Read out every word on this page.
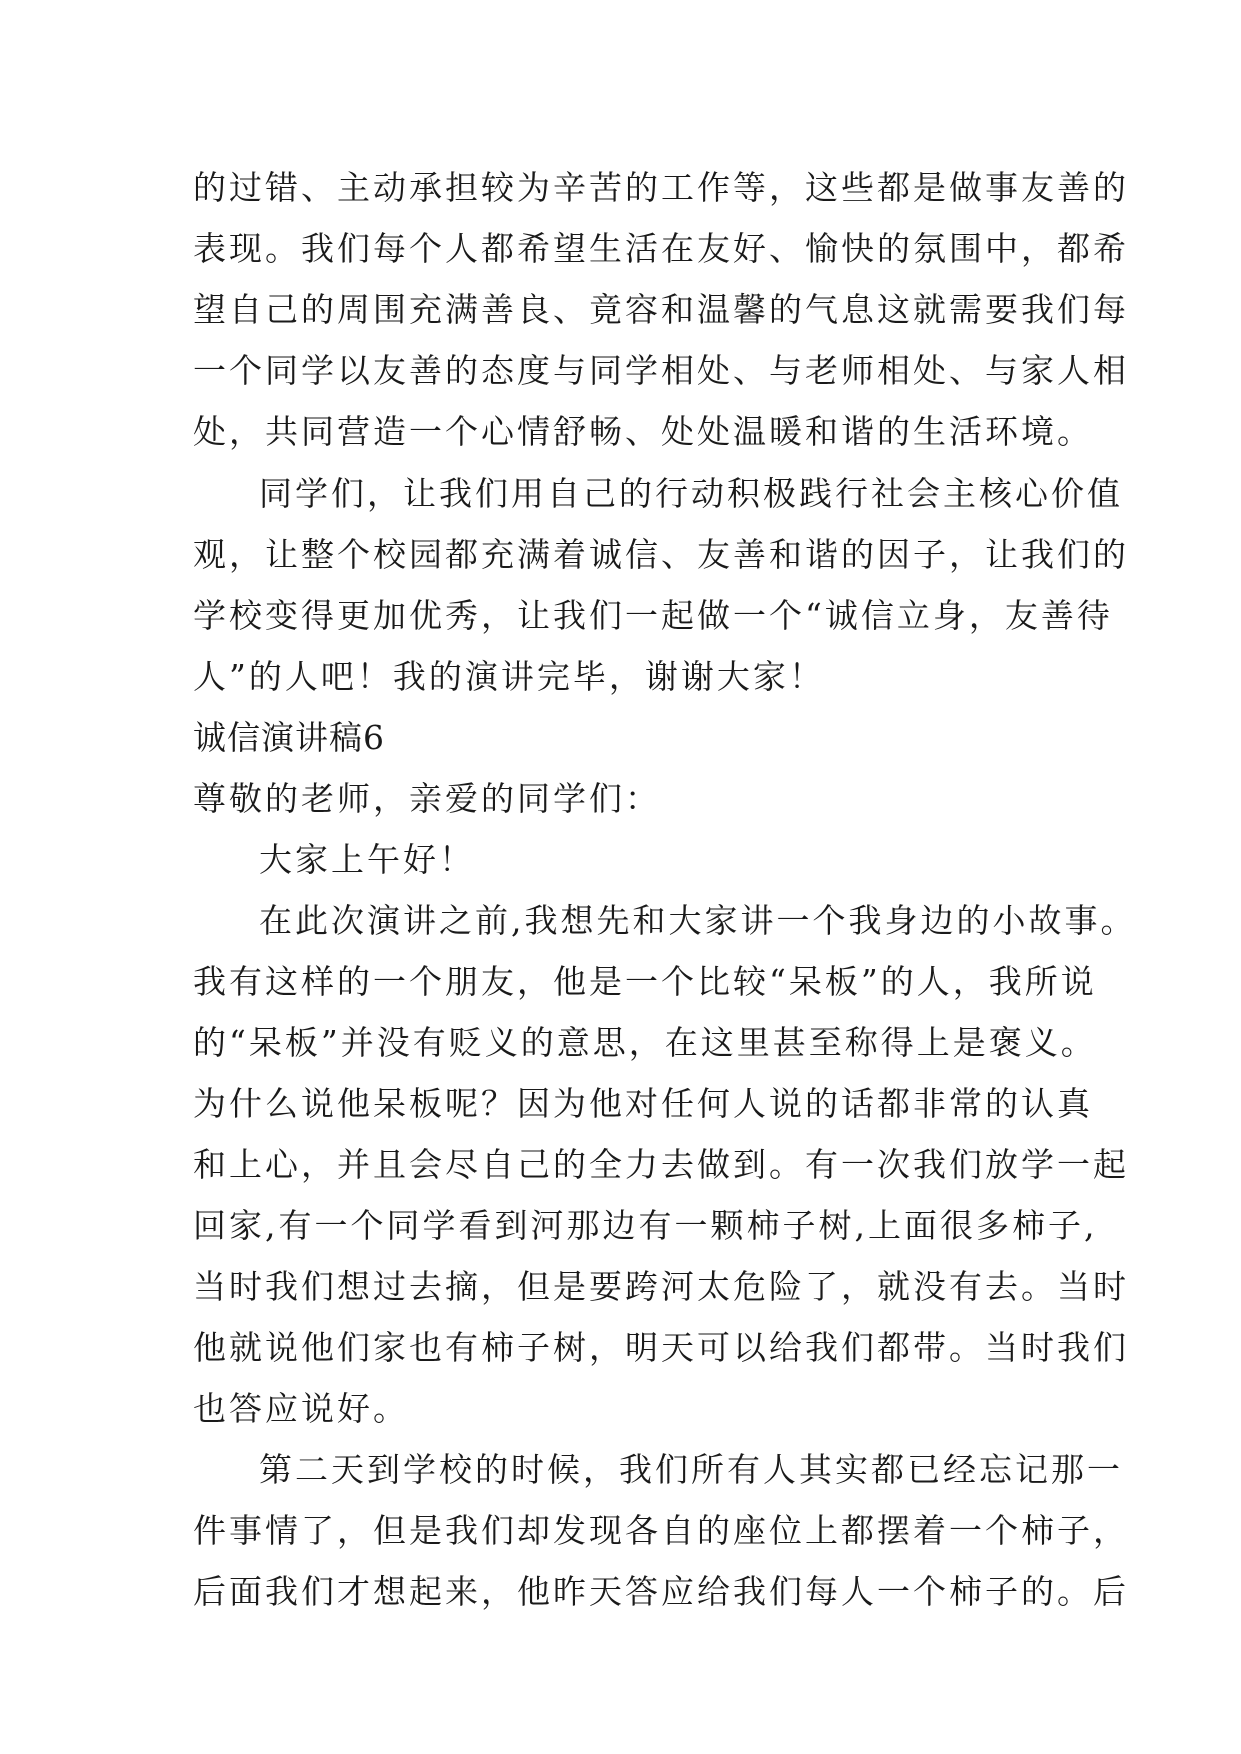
的过错、主动承担较为辛苦的工作等，这些都是做事友善的
表现。我们每个人都希望生活在友好、愉快的氛围中，都希
望自己的周围充满善良、竟容和温馨的气息这就需要我们每
一个同学以友善的态度与同学相处、与老师相处、与家人相
处，共同营造一个心情舒畅、处处温暖和谐的生活环境。
同学们，让我们用自己的行动积极践行社会主核心价值
观，让整个校园都充满着诚信、友善和谐的因子，让我们的
学校变得更加优秀，让我们一起做一个“诚信立身，友善待
人”的人吧！我的演讲完毕，谢谢大家！
诚信演讲稿6
尊敬的老师，亲爱的同学们：
大家上午好！
在此次演讲之前,我想先和大家讲一个我身边的小故事。
我有这样的一个朋友，他是一个比较“呆板”的人，我所说
的“呆板”并没有贬义的意思，在这里甚至称得上是褒义。
为什么说他呆板呢？因为他对任何人说的话都非常的认真
和上心，并且会尽自己的全力去做到。有一次我们放学一起
回家,有一个同学看到河那边有一颗柿子树,上面很多柿子,
当时我们想过去摘，但是要跨河太危险了，就没有去。当时
他就说他们家也有柿子树，明天可以给我们都带。当时我们
也答应说好。
第二天到学校的时候，我们所有人其实都已经忘记那一
件事情了，但是我们却发现各自的座位上都摆着一个柿子，
后面我们才想起来，他昨天答应给我们每人一个柿子的。后
